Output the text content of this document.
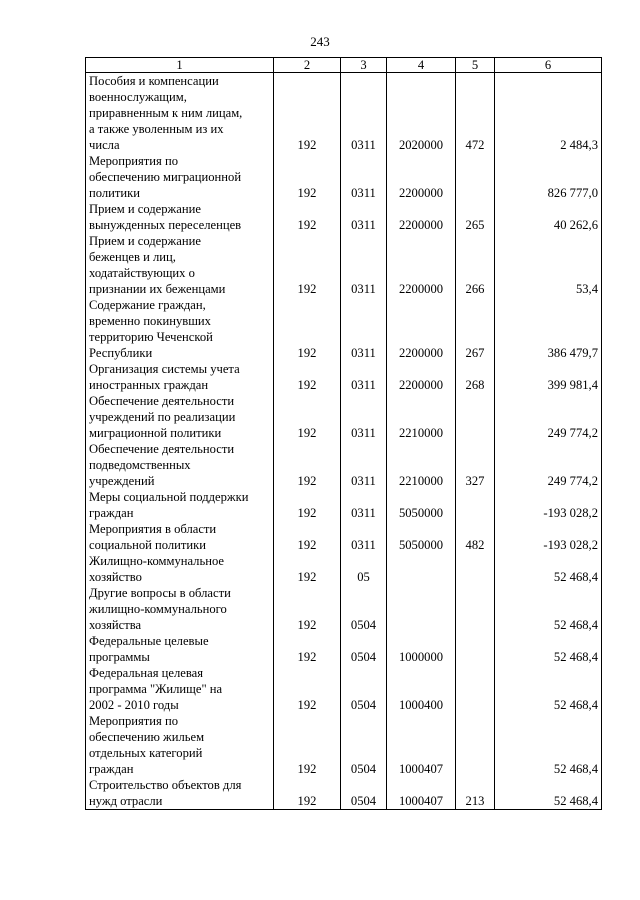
243
1	2	3	4	5	6
Пособия и компенсации
военнослужащим,
приравненным к ним лицам,
а также уволенным из их
числа	192	0311	2020000	472	2 484,3
Мероприятия по
обеспечению миграционной
политики	192	0311	2200000		826 777,0
Прием и содержание
вынужденных переселенцев	192	0311	2200000	265	40 262,6
Прием и содержание
беженцев и лиц,
ходатайствующих о
признании их беженцами	192	0311	2200000	266	53,4
Содержание граждан,
временно покинувших
территорию Чеченской
Республики	192	0311	2200000	267	386 479,7
Организация системы учета
иностранных граждан	192	0311	2200000	268	399 981,4
Обеспечение деятельности
учреждений по реализации
миграционной политики	192	0311	2210000		249 774,2
Обеспечение деятельности
подведомственных
учреждений	192	0311	2210000	327	249 774,2
Меры социальной поддержки
граждан	192	0311	5050000		-193 028,2
Мероприятия в области
социальной политики	192	0311	5050000	482	-193 028,2
Жилищно-коммунальное
хозяйство	192	05			52 468,4
Другие вопросы в области
жилищно-коммунального
хозяйства	192	0504			52 468,4
Федеральные целевые
программы	192	0504	1000000		52 468,4
Федеральная целевая
программа "Жилище" на
2002 - 2010 годы	192	0504	1000400		52 468,4
Мероприятия по
обеспечению жильем
отдельных категорий
граждан	192	0504	1000407		52 468,4
Строительство объектов для
нужд отрасли	192	0504	1000407	213	52 468,4
